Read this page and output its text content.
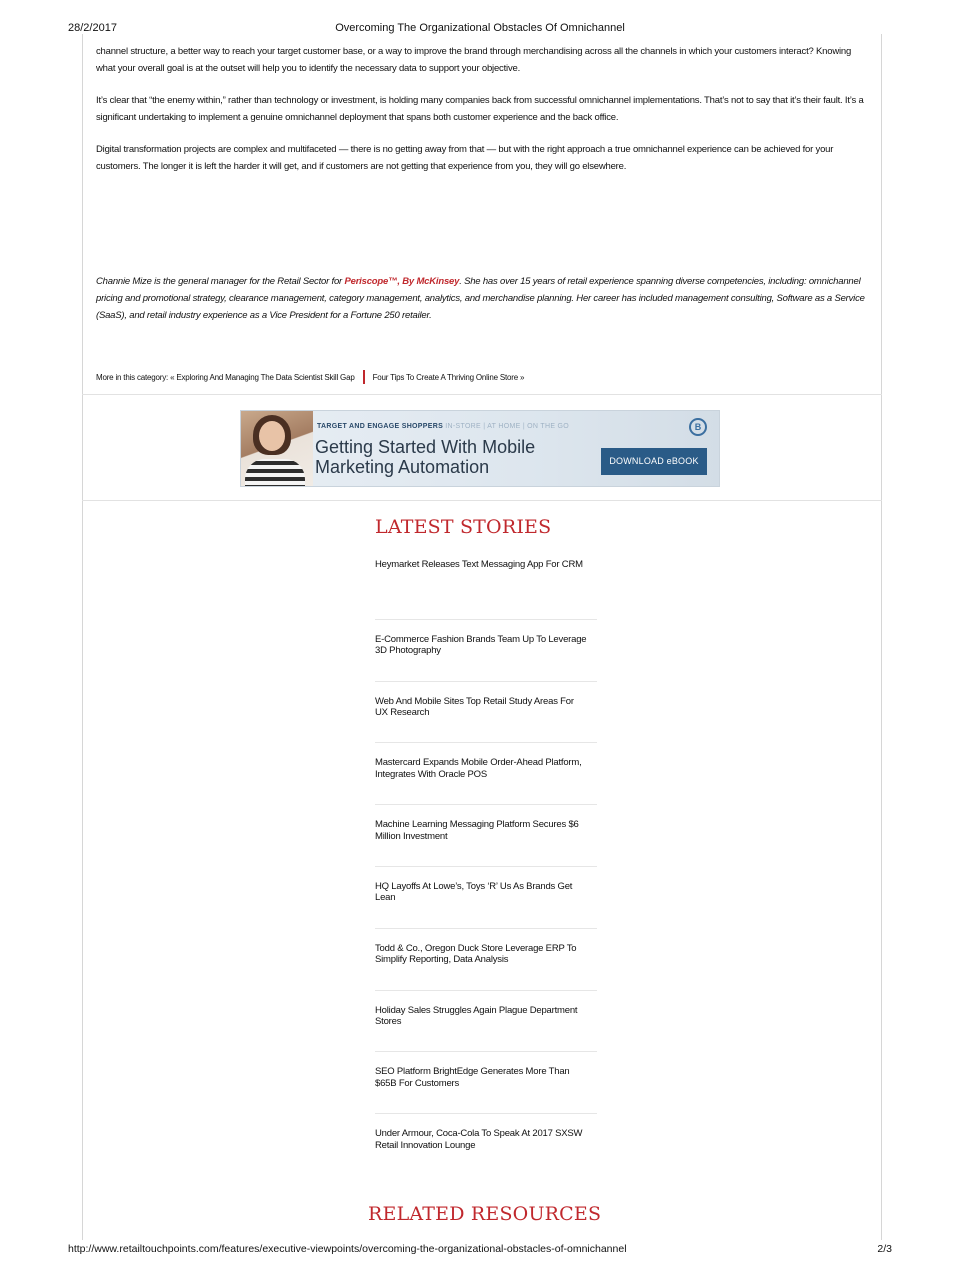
28/2/2017	Overcoming The Organizational Obstacles Of Omnichannel

channel structure, a better way to reach your target customer base, or a way to improve the brand through merchandising across all the channels in which your customers interact? Knowing what your overall goal is at the outset will help you to identify the necessary data to support your objective.

It’s clear that “the enemy within,” rather than technology or investment, is holding many companies back from successful omnichannel implementations. That’s not to say that it’s their fault. It’s a significant undertaking to implement a genuine omnichannel deployment that spans both customer experience and the back office.

Digital transformation projects are complex and multifaceted — there is no getting away from that — but with the right approach a true omnichannel experience can be achieved for your customers. The longer it is left the harder it will get, and if customers are not getting that experience from you, they will go elsewhere.

Channie Mize is the general manager for the Retail Sector for Periscope™, By McKinsey. She has over 15 years of retail experience spanning diverse competencies, including: omnichannel pricing and promotional strategy, clearance management, category management, analytics, and merchandise planning. Her career has included management consulting, Software as a Service (SaaS), and retail industry experience as a Vice President for a Fortune 250 retailer.
More in this category: « Exploring And Managing The Data Scientist Skill Gap Four Tips To Create A Thriving Online Store »
TARGET AND ENGAGE SHOPPERS IN-STORE | AT HOME | ON THE GO
Getting Started With Mobile Marketing Automation
B
DOWNLOAD eBOOK
LATEST STORIES
Heymarket Releases Text Messaging App For CRM
E-Commerce Fashion Brands Team Up To Leverage 3D Photography
Web And Mobile Sites Top Retail Study Areas For UX Research
Mastercard Expands Mobile Order-Ahead Platform, Integrates With Oracle POS
Machine Learning Messaging Platform Secures $6 Million Investment
HQ Layoffs At Lowe’s, Toys ‘R’ Us As Brands Get Lean
Todd & Co., Oregon Duck Store Leverage ERP To Simplify Reporting, Data Analysis
Holiday Sales Struggles Again Plague Department Stores
SEO Platform BrightEdge Generates More Than $65B For Customers
Under Armour, Coca-Cola To Speak At 2017 SXSW Retail Innovation Lounge
RELATED RESOURCES
http://www.retailtouchpoints.com/features/executive-viewpoints/overcoming-the-organizational-obstacles-of-omnichannel	2/3
